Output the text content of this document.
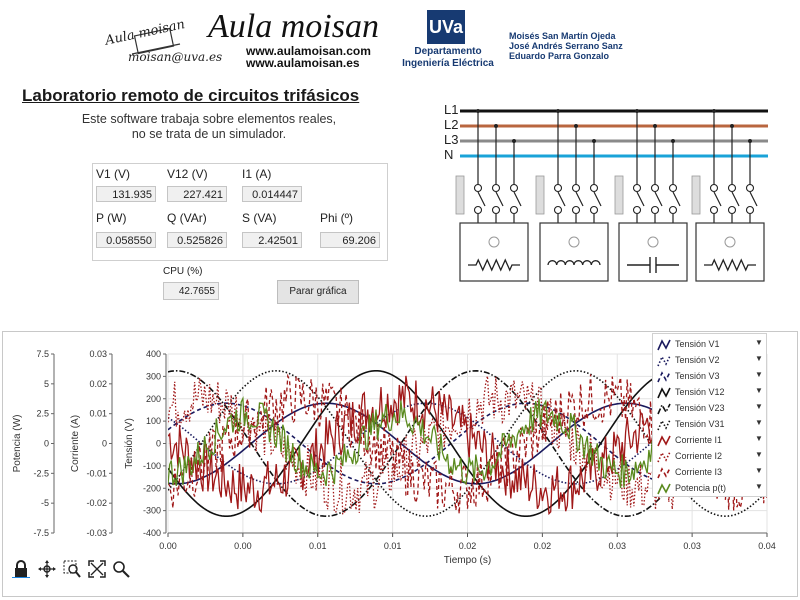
Aula moisan
moisan@uva.es
Aula moisan
www.aulamoisan.com
www.aulamoisan.es
UVa
Departamento
Ingeniería Eléctrica
Moisés San Martín Ojeda
José Andrés Serrano Sanz
Eduardo Parra Gonzalo
Laboratorio remoto de circuitos trifásicos
Este software trabaja sobre elementos reales,
no se trata de un simulador.
V1 (V)
131.935
V12 (V)
227.421
I1 (A)
0.014447
P (W)
0.058550
Q (VAr)
0.525826
S (VA)
2.42501
Phi (º)
69.206
CPU (%)
42.7655	Parar gráfica
L1
L2
L3
N
0.00	0.00	0.01	0.01	0.02	0.02	0.03	0.03	0.04
Tiempo (s)
7.5
5
2.5
0
-2.5
-5
-7.5
Potencia (W)
0.03
0.02
0.01
0
-0.01
-0.02
-0.03
Corriente (A)
400
300
200
100
0
-100
-200
-300
-400
Tensión (V)
Tensión V1	▼
Tensión V2	▼
Tensión V3	▼
Tensión V12	▼
Tensión V23	▼
Tensión V31	▼
Corriente I1	▼
Corriente I2	▼
Corriente I3	▼
Potencia p(t)	▼
